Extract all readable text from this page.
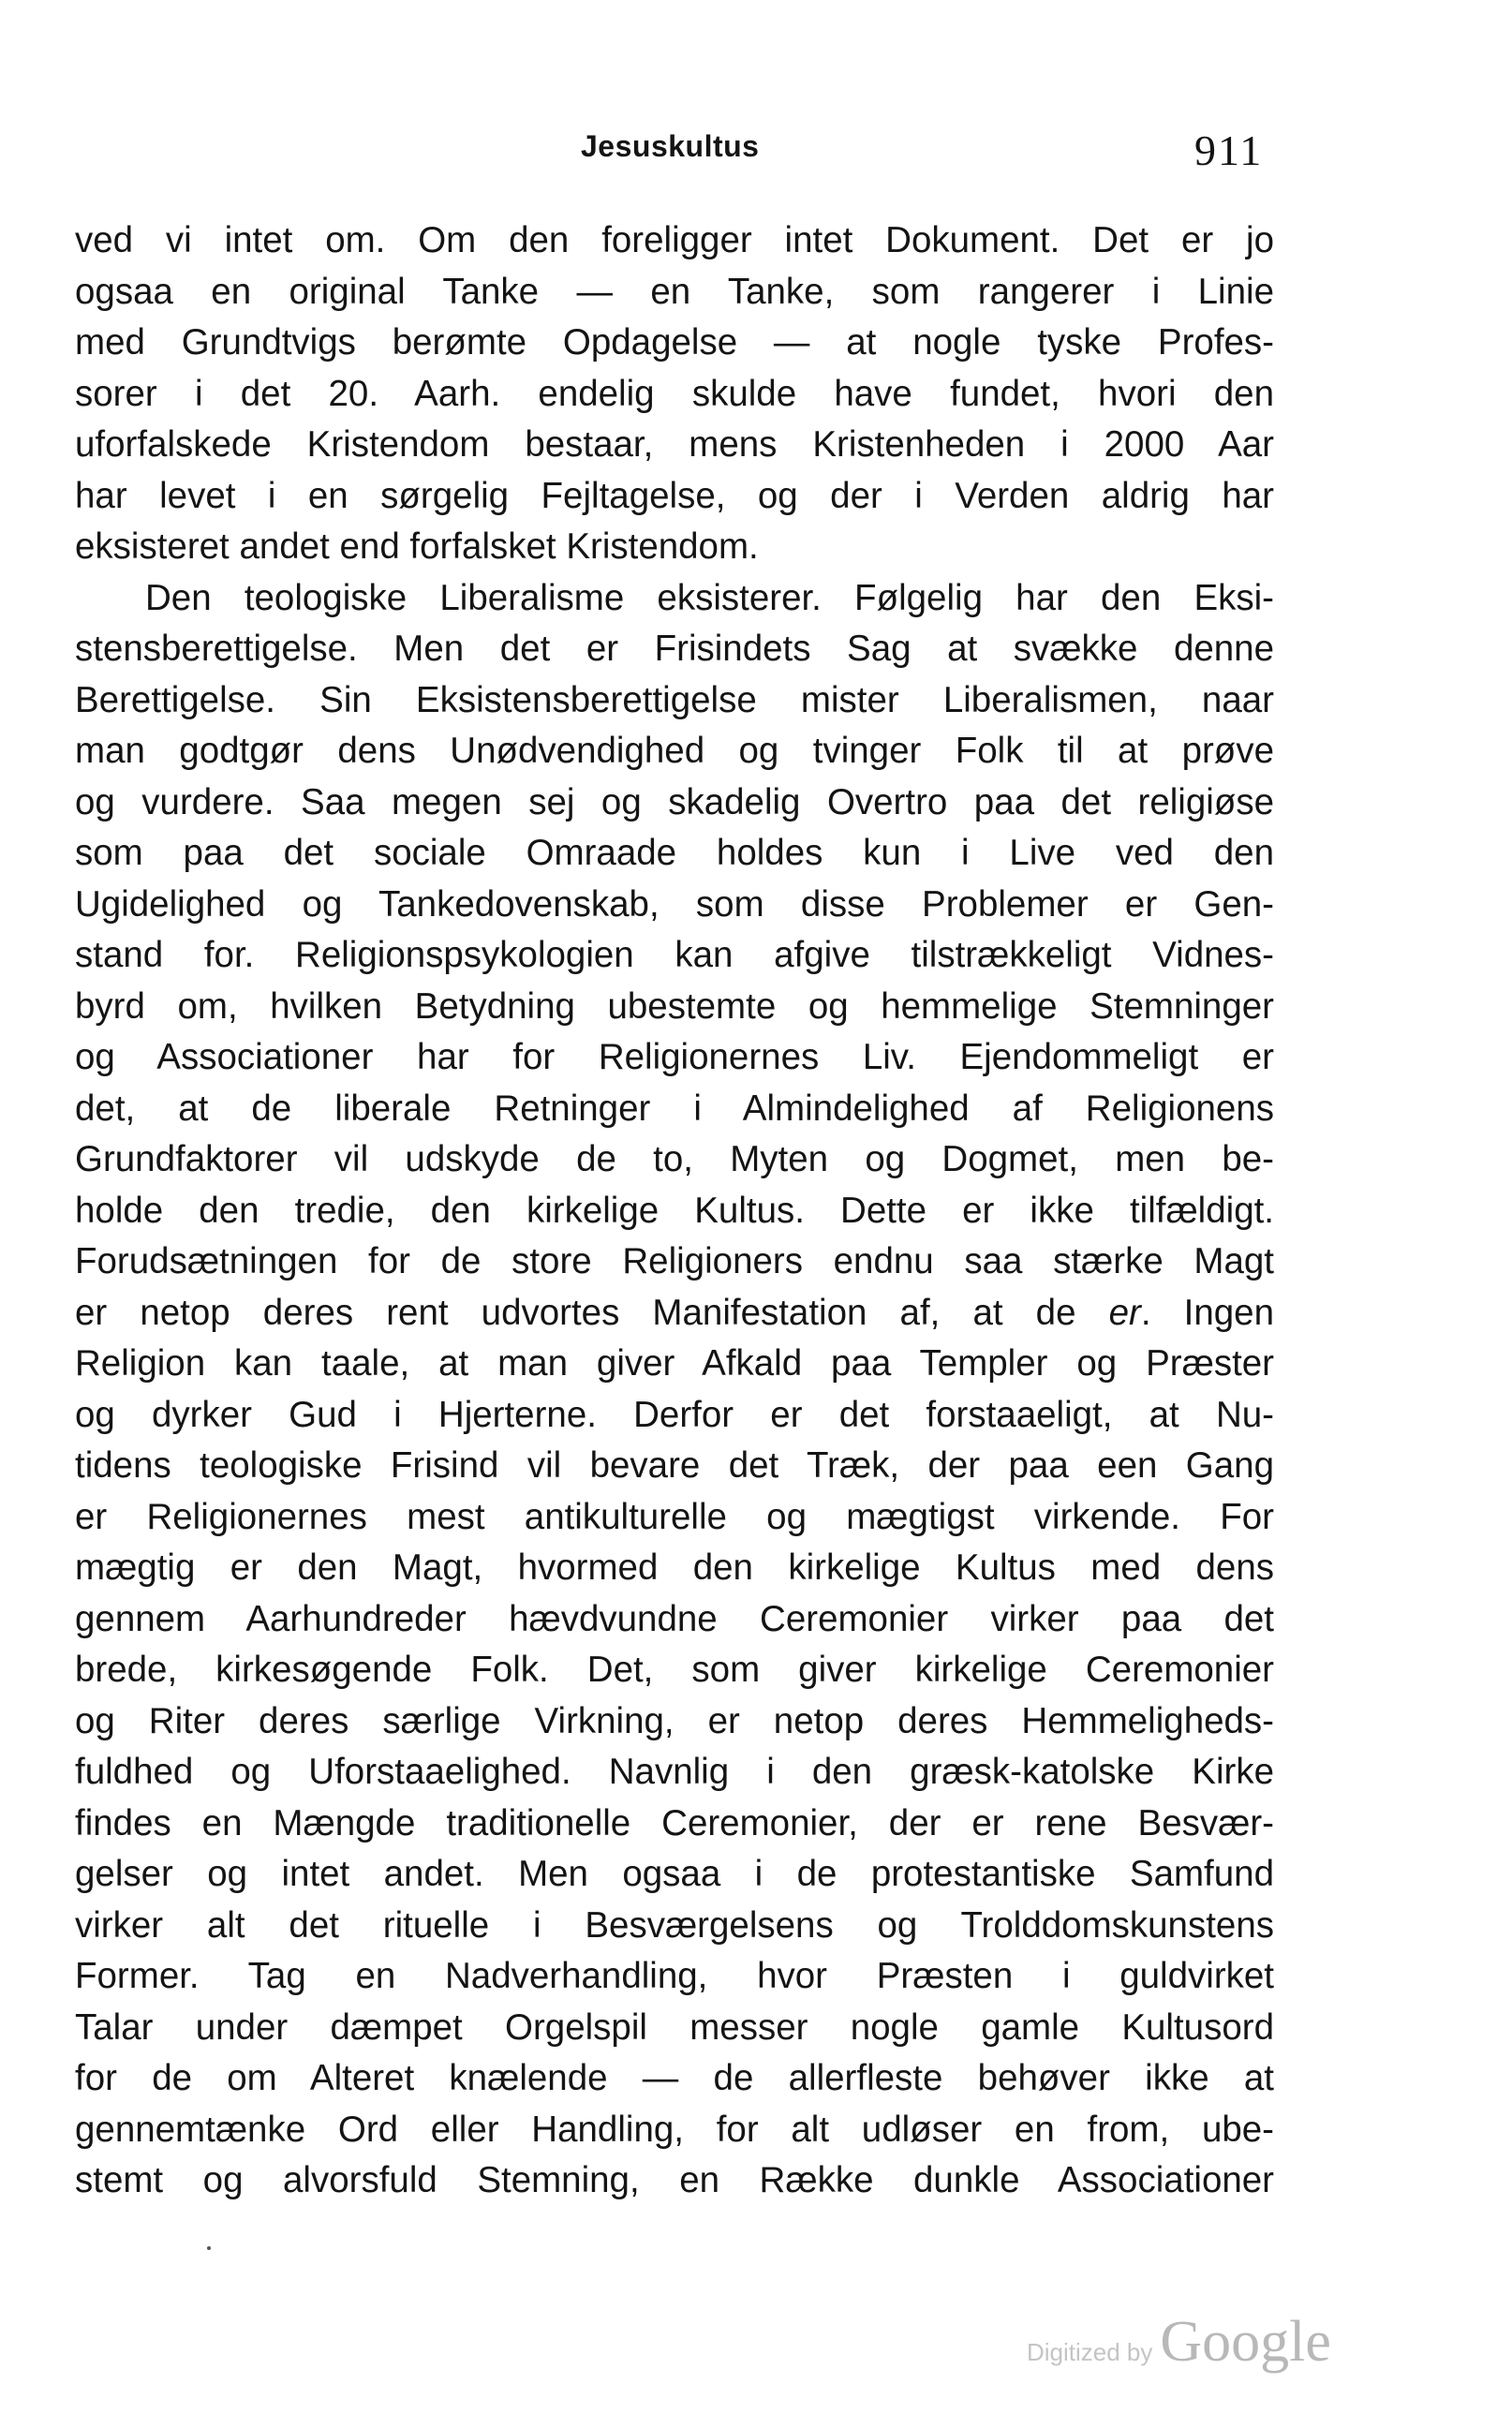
Jesuskultus	911
ved vi intet om. Om den foreligger intet Dokument. Det er jo
ogsaa en original Tanke — en Tanke, som rangerer i Linie
med Grundtvigs berømte Opdagelse — at nogle tyske Profes-
sorer i det 20. Aarh. endelig skulde have fundet, hvori den
uforfalskede Kristendom bestaar, mens Kristenheden i 2000 Aar
har levet i en sørgelig Fejltagelse, og der i Verden aldrig har
eksisteret andet end forfalsket Kristendom.
Den teologiske Liberalisme eksisterer. Følgelig har den Eksi-
stensberettigelse. Men det er Frisindets Sag at svække denne
Berettigelse. Sin Eksistensberettigelse mister Liberalismen, naar
man godtgør dens Unødvendighed og tvinger Folk til at prøve
og vurdere. Saa megen sej og skadelig Overtro paa det religiøse
som paa det sociale Omraade holdes kun i Live ved den
Ugidelighed og Tankedovenskab, som disse Problemer er Gen-
stand for. Religionspsykologien kan afgive tilstrækkeligt Vidnes-
byrd om, hvilken Betydning ubestemte og hemmelige Stemninger
og Associationer har for Religionernes Liv. Ejendommeligt er
det, at de liberale Retninger i Almindelighed af Religionens
Grundfaktorer vil udskyde de to, Myten og Dogmet, men be-
holde den tredie, den kirkelige Kultus. Dette er ikke tilfældigt.
Forudsætningen for de store Religioners endnu saa stærke Magt
er netop deres rent udvortes Manifestation af, at de er. Ingen
Religion kan taale, at man giver Afkald paa Templer og Præster
og dyrker Gud i Hjerterne. Derfor er det forstaaeligt, at Nu-
tidens teologiske Frisind vil bevare det Træk, der paa een Gang
er Religionernes mest antikulturelle og mægtigst virkende. For
mægtig er den Magt, hvormed den kirkelige Kultus med dens
gennem Aarhundreder hævdvundne Ceremonier virker paa det
brede, kirkesøgende Folk. Det, som giver kirkelige Ceremonier
og Riter deres særlige Virkning, er netop deres Hemmeligheds-
fuldhed og Uforstaaelighed. Navnlig i den græsk-katolske Kirke
findes en Mængde traditionelle Ceremonier, der er rene Besvær-
gelser og intet andet. Men ogsaa i de protestantiske Samfund
virker alt det rituelle i Besværgelsens og Trolddomskunstens
Former. Tag en Nadverhandling, hvor Præsten i guldvirket
Talar under dæmpet Orgelspil messer nogle gamle Kultusord
for de om Alteret knælende — de allerfleste behøver ikke at
gennemtænke Ord eller Handling, for alt udløser en from, ube-
stemt og alvorsfuld Stemning, en Række dunkle Associationer
Digitized by Google
